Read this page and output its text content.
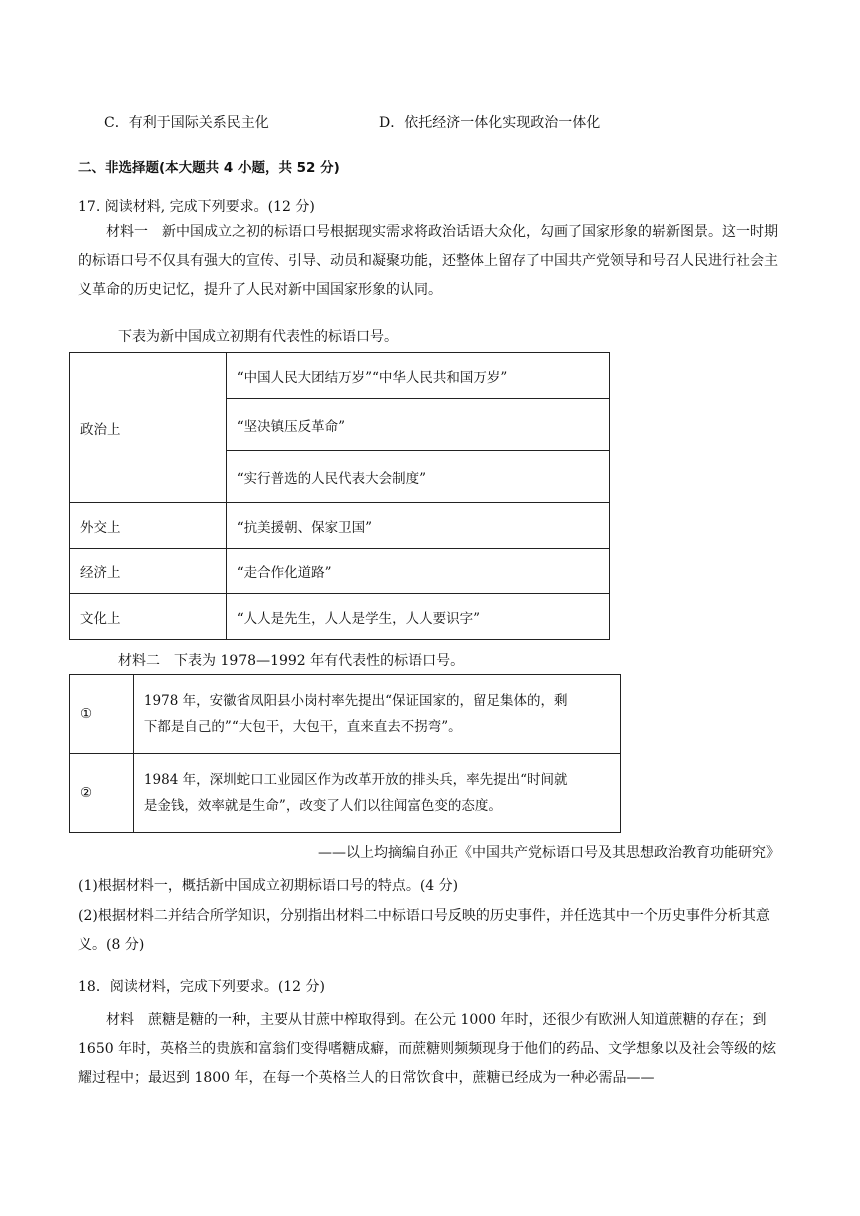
C．有利于国际关系民主化	D．依托经济一体化实现政治一体化
二、非选择题(本大题共 4 小题，共 52 分)
17. 阅读材料, 完成下列要求。(12 分)

材料一　新中国成立之初的标语口号根据现实需求将政治话语大众化，勾画了国家形象的崭新图景。这一时期的标语口号不仅具有强大的宣传、引导、动员和凝聚功能，还整体上留存了中国共产党领导和号召人民进行社会主义革命的历史记忆，提升了人民对新中国国家形象的认同。

下表为新中国成立初期有代表性的标语口号。
政治上	“中国人民大团结万岁”“中华人民共和国万岁”
	“坚决镇压反革命”
	“实行普选的人民代表大会制度”
外交上	“抗美援朝、保家卫国”
经济上	“走合作化道路”
文化上	“人人是先生，人人是学生，人人要识字”
材料二　下表为 1978—1992 年有代表性的标语口号。
①	1978 年，安徽省凤阳县小岗村率先提出“保证国家的，留足集体的，剩
下都是自己的”“大包干，大包干，直来直去不拐弯”。

②	1984 年，深圳蛇口工业园区作为改革开放的排头兵，率先提出“时间就
是金钱，效率就是生命”，改变了人们以往闻富色变的态度。
——以上均摘编自孙正《中国共产党标语口号及其思想政治教育功能研究》

(1)根据材料一，概括新中国成立初期标语口号的特点。(4 分)

(2)根据材料二并结合所学知识，分别指出材料二中标语口号反映的历史事件，并任选其中一个历史事件分析其意义。(8 分)

18．阅读材料，完成下列要求。(12 分)

材料　蔗糖是糖的一种，主要从甘蔗中榨取得到。在公元 1000 年时，还很少有欧洲人知道蔗糖的存在；到 1650 年时，英格兰的贵族和富翁们变得嗜糖成癖，而蔗糖则频频现身于他们的药品、文学想象以及社会等级的炫耀过程中；最迟到 1800 年，在每一个英格兰人的日常饮食中，蔗糖已经成为一种必需品——
